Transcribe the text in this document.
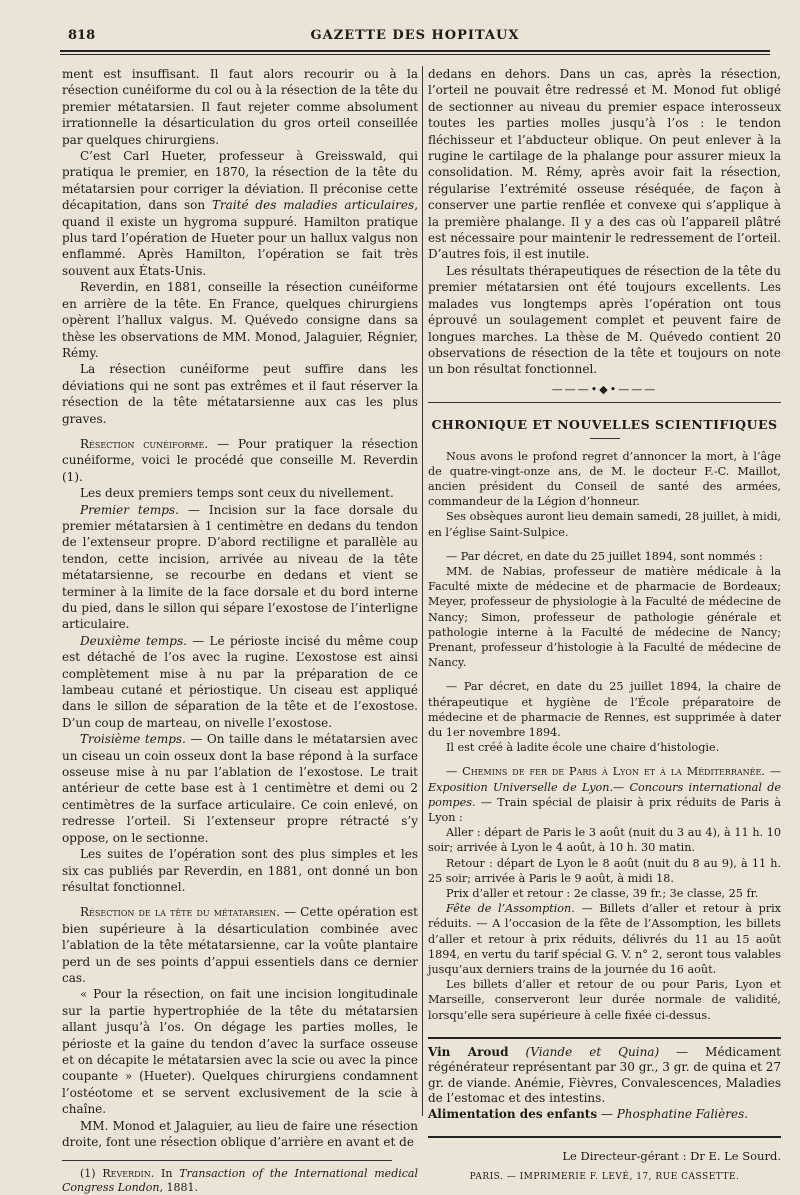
818	GAZETTE DES HOPITAUX

ment est insuffisant. Il faut alors recourir ou à la résection cunéiforme du col ou à la résection de la tête du premier métatarsien. Il faut rejeter comme absolument irrationnelle la désarticulation du gros orteil conseillée par quelques chirurgiens.

C’est Carl Hueter, professeur à Greisswald, qui pratiqua le premier, en 1870, la résection de la tête du métatarsien pour corriger la déviation. Il préconise cette décapitation, dans son Traité des maladies articulaires, quand il existe un hygroma suppuré. Hamilton pratique plus tard l’opération de Hueter pour un hallux valgus non enflammé. Après Hamilton, l’opération se fait très souvent aux États-Unis.

Reverdin, en 1881, conseille la résection cunéiforme en arrière de la tête. En France, quelques chirurgiens opèrent l’hallux valgus. M. Quévedo consigne dans sa thèse les observations de MM. Monod, Jalaguier, Régnier, Rémy.

La résection cunéiforme peut suffire dans les déviations qui ne sont pas extrêmes et il faut réserver la résection de la tête métatarsienne aux cas les plus graves.

Résection cunéiforme. — Pour pratiquer la résection cunéiforme, voici le procédé que conseille M. Reverdin (1).

Les deux premiers temps sont ceux du nivellement.

Premier temps. — Incision sur la face dorsale du premier métatarsien à 1 centimètre en dedans du tendon de l’extenseur propre. D’abord rectiligne et parallèle au tendon, cette incision, arrivée au niveau de la tête métatarsienne, se recourbe en dedans et vient se terminer à la limite de la face dorsale et du bord interne du pied, dans le sillon qui sépare l’exostose de l’interligne articulaire.

Deuxième temps. — Le périoste incisé du même coup est détaché de l’os avec la rugine. L’exostose est ainsi complètement mise à nu par la préparation de ce lambeau cutané et périostique. Un ciseau est appliqué dans le sillon de séparation de la tête et de l’exostose. D’un coup de marteau, on nivelle l’exostose.

Troisième temps. — On taille dans le métatarsien avec un ciseau un coin osseux dont la base répond à la surface osseuse mise à nu par l’ablation de l’exostose. Le trait antérieur de cette base est à 1 centimètre et demi ou 2 centimètres de la surface articulaire. Ce coin enlevé, on redresse l’orteil. Si l’extenseur propre rétracté s’y oppose, on le sectionne.

Les suites de l’opération sont des plus simples et les six cas publiés par Reverdin, en 1881, ont donné un bon résultat fonctionnel.

Résection de la tête du métatarsien. — Cette opération est bien supérieure à la désarticulation combinée avec l’ablation de la tête métatarsienne, car la voûte plantaire perd un de ses points d’appui essentiels dans ce dernier cas.

« Pour la résection, on fait une incision longitudinale sur la partie hypertrophiée de la tête du métatarsien allant jusqu’à l’os. On dégage les parties molles, le périoste et la gaine du tendon d’avec la surface osseuse et on décapite le métatarsien avec la scie ou avec la pince coupante » (Hueter). Quelques chirurgiens condamnent l’ostéotome et se servent exclusivement de la scie à chaîne.

MM. Monod et Jalaguier, au lieu de faire une résection droite, font une résection oblique d’arrière en avant et de

(1) Reverdin. In Transaction of the International medical Congress London, 1881.

dedans en dehors. Dans un cas, après la résection, l’orteil ne pouvait être redressé et M. Monod fut obligé de sectionner au niveau du premier espace interosseux toutes les parties molles jusqu’à l’os : le tendon fléchisseur et l’abducteur oblique. On peut enlever à la rugine le cartilage de la phalange pour assurer mieux la consolidation. M. Rémy, après avoir fait la résection, régularise l’extrémité osseuse réséquée, de façon à conserver une partie renflée et convexe qui s’applique à la première phalange. Il y a des cas où l’appareil plâtré est nécessaire pour maintenir le redressement de l’orteil. D’autres fois, il est inutile.

Les résultats thérapeutiques de résection de la tête du premier métatarsien ont été toujours excellents. Les malades vus longtemps après l’opération ont tous éprouvé un soulagement complet et peuvent faire de longues marches. La thèse de M. Quévedo contient 20 observations de résection de la tête et toujours on note un bon résultat fonctionnel.

———•◆•———
CHRONIQUE ET NOUVELLES SCIENTIFIQUES

Nous avons le profond regret d’annoncer la mort, à l’âge de quatre-vingt-onze ans, de M. le docteur F.-C. Maillot, ancien président du Conseil de santé des armées, commandeur de la Légion d’honneur.

Ses obsèques auront lieu demain samedi, 28 juillet, à midi, en l’église Saint-Sulpice.

— Par décret, en date du 25 juillet 1894, sont nommés :

MM. de Nabias, professeur de matière médicale à la Faculté mixte de médecine et de pharmacie de Bordeaux; Meyer, professeur de physiologie à la Faculté de médecine de Nancy; Simon, professeur de pathologie générale et pathologie interne à la Faculté de médecine de Nancy; Prenant, professeur d’histologie à la Faculté de médecine de Nancy.

— Par décret, en date du 25 juillet 1894, la chaire de thérapeutique et hygiène de l’École préparatoire de médecine et de pharmacie de Rennes, est supprimée à dater du 1er novembre 1894.

Il est créé à ladite école une chaire d’histologie.

— Chemins de fer de Paris à Lyon et à la Méditerranée. — Exposition Universelle de Lyon.— Concours international de pompes. — Train spécial de plaisir à prix réduits de Paris à Lyon :

Aller : départ de Paris le 3 août (nuit du 3 au 4), à 11 h. 10 soir; arrivée à Lyon le 4 août, à 10 h. 30 matin.

Retour : départ de Lyon le 8 août (nuit du 8 au 9), à 11 h. 25 soir; arrivée à Paris le 9 août, à midi 18.

Prix d’aller et retour : 2e classe, 39 fr.; 3e classe, 25 fr.

Fête de l’Assomption. — Billets d’aller et retour à prix réduits. — A l’occasion de la fête de l’Assomption, les billets d’aller et retour à prix réduits, délivrés du 11 au 15 août 1894, en vertu du tarif spécial G. V. n° 2, seront tous valables jusqu’aux derniers trains de la journée du 16 août.

Les billets d’aller et retour de ou pour Paris, Lyon et Marseille, conserveront leur durée normale de validité, lorsqu’elle sera supérieure à celle fixée ci-dessus.

Vin Aroud (Viande et Quina) — Médicament régénérateur représentant par 30 gr., 3 gr. de quina et 27 gr. de viande. Anémie, Fièvres, Convalescences, Maladies de l’estomac et des intestins.

Alimentation des enfants — Phosphatine Falières.

Le Directeur-gérant : Dr E. Le Sourd.
PARIS. — IMPRIMERIE F. LEVÉ, 17, RUE CASSETTE.
